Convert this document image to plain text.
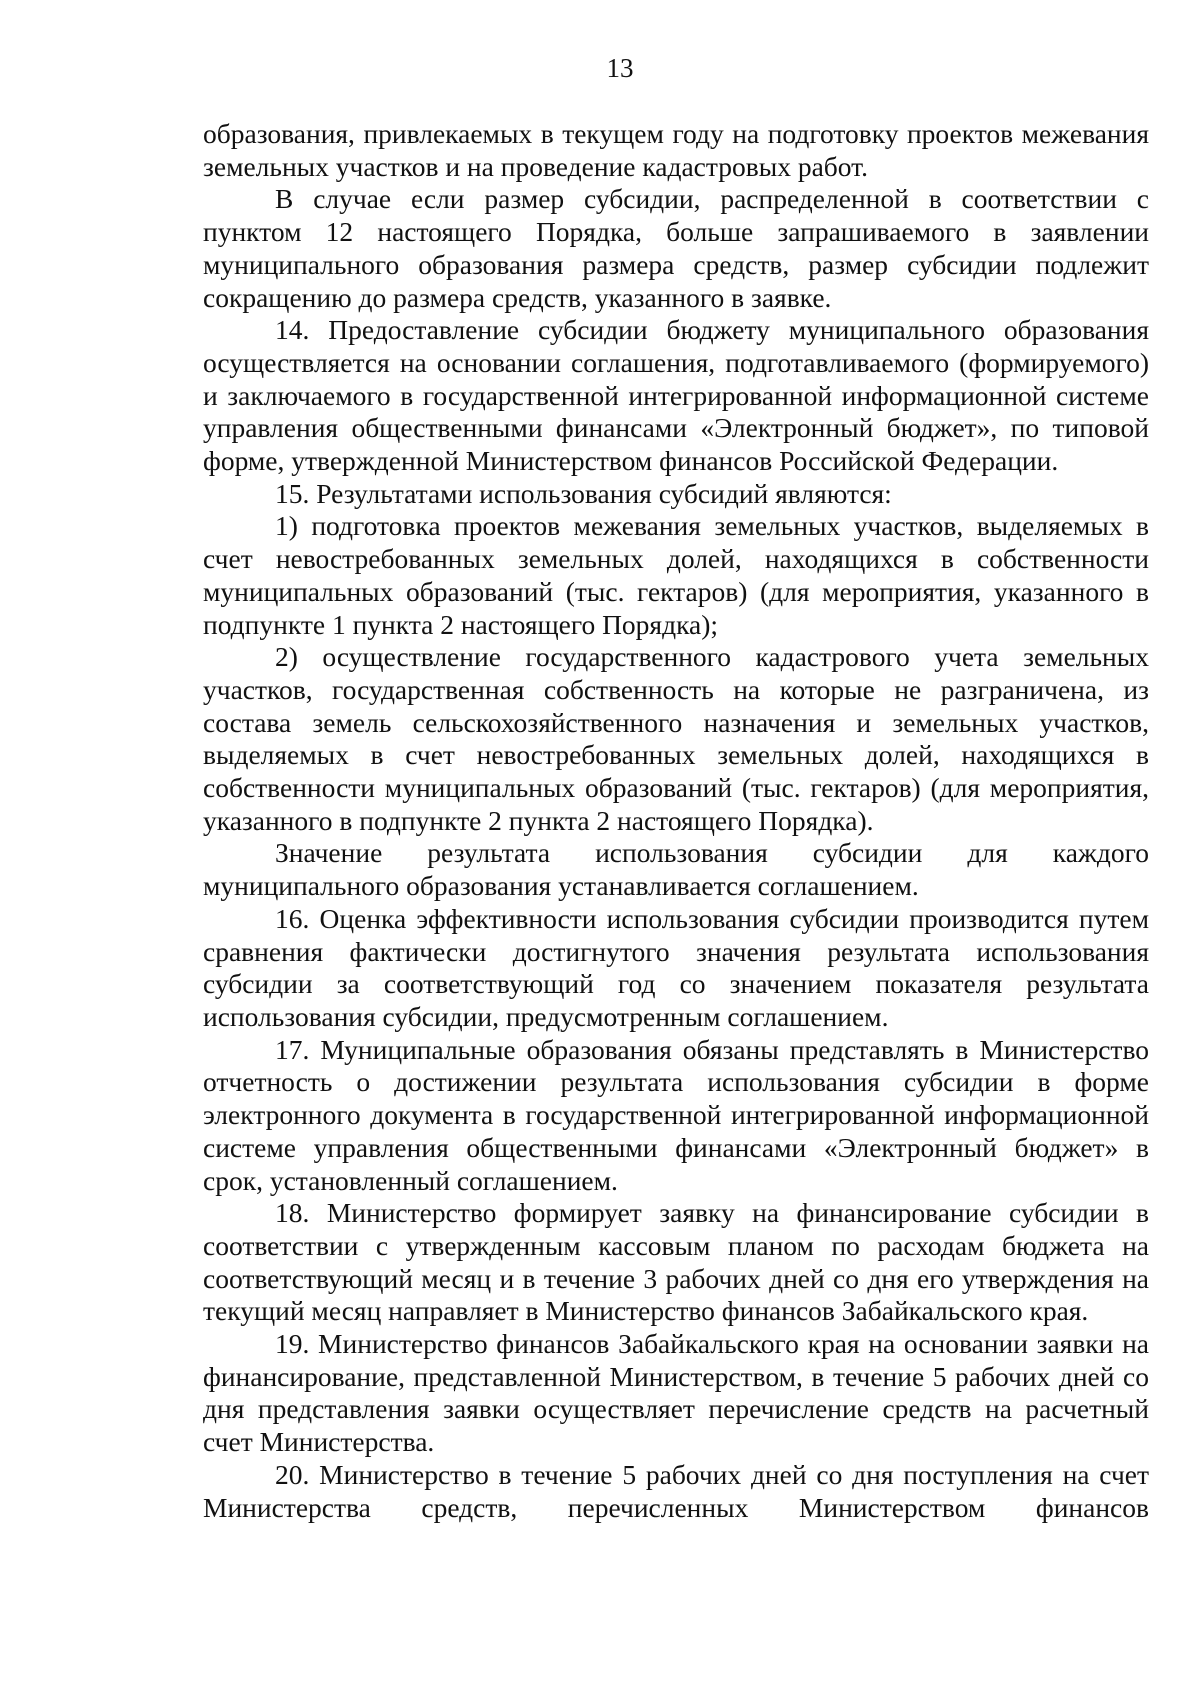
13

образования, привлекаемых в текущем году на подготовку проектов межевания земельных участков и на проведение кадастровых работ.

В случае если размер субсидии, распределенной в соответствии с пунктом 12 настоящего Порядка, больше запрашиваемого в заявлении муниципального образования размера средств, размер субсидии подлежит сокращению до размера средств, указанного в заявке.

14. Предоставление субсидии бюджету муниципального образования осуществляется на основании соглашения, подготавливаемого (формируемого) и заключаемого в государственной интегрированной информационной системе управления общественными финансами «Электронный бюджет», по типовой форме, утвержденной Министерством финансов Российской Федерации.

15. Результатами использования субсидий являются:

1) подготовка проектов межевания земельных участков, выделяемых в счет невостребованных земельных долей, находящихся в собственности муниципальных образований (тыс. гектаров) (для мероприятия, указанного в подпункте 1 пункта 2 настоящего Порядка);

2) осуществление государственного кадастрового учета земельных участков, государственная собственность на которые не разграничена, из состава земель сельскохозяйственного назначения и земельных участков, выделяемых в счет невостребованных земельных долей, находящихся в собственности муниципальных образований (тыс. гектаров) (для мероприятия, указанного в подпункте 2 пункта 2 настоящего Порядка).

Значение результата использования субсидии для каждого муниципального образования устанавливается соглашением.

16. Оценка эффективности использования субсидии производится путем сравнения фактически достигнутого значения результата использования субсидии за соответствующий год со значением показателя результата использования субсидии, предусмотренным соглашением.

17. Муниципальные образования обязаны представлять в Министерство отчетность о достижении результата использования субсидии в форме электронного документа в государственной интегрированной информационной системе управления общественными финансами «Электронный бюджет» в срок, установленный соглашением.

18. Министерство формирует заявку на финансирование субсидии в соответствии с утвержденным кассовым планом по расходам бюджета на соответствующий месяц и в течение 3 рабочих дней со дня его утверждения на текущий месяц направляет в Министерство финансов Забайкальского края.

19. Министерство финансов Забайкальского края на основании заявки на финансирование, представленной Министерством, в течение 5 рабочих дней со дня представления заявки осуществляет перечисление средств на расчетный счет Министерства.

20. Министерство в течение 5 рабочих дней со дня поступления на счет Министерства средств, перечисленных Министерством финансов
